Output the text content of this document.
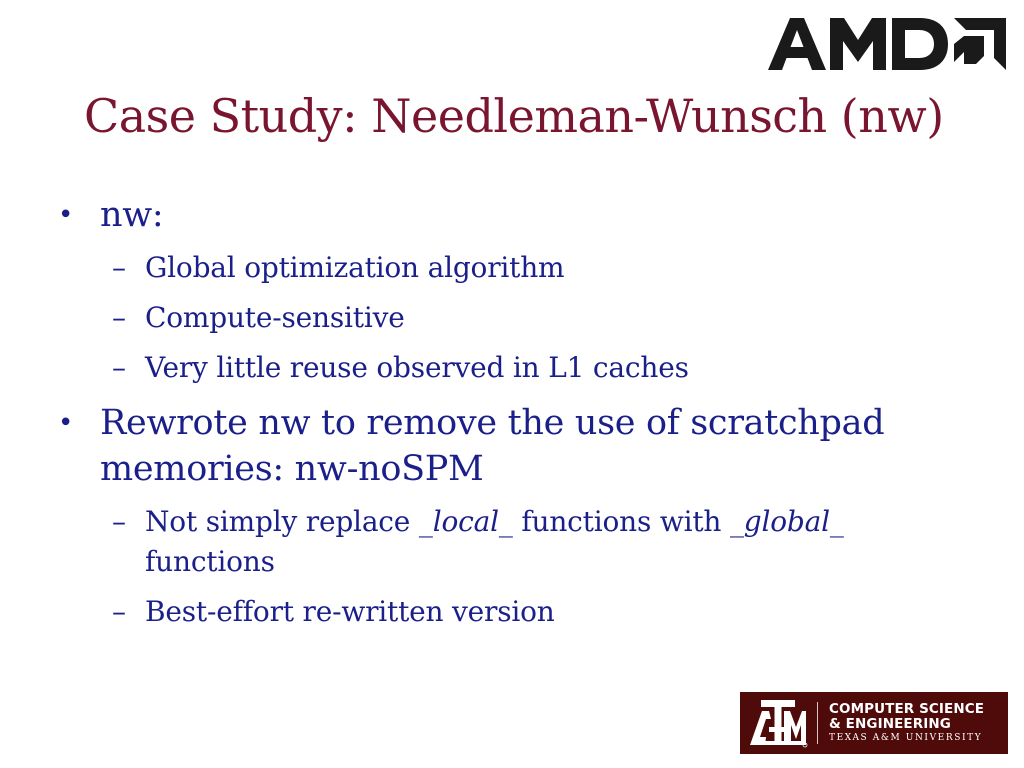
Case Study: Needleman-Wunsch (nw)
• nw:
– Global optimization algorithm
– Compute-sensitive
– Very little reuse observed in L1 caches
• Rewrote nw to remove the use of scratchpad
memories: nw-noSPM
– Not simply replace _local_ functions with _global_
functions
– Best-effort re-written version
COMPUTER SCIENCE
& ENGINEERING
TEXAS A&M UNIVERSITY
